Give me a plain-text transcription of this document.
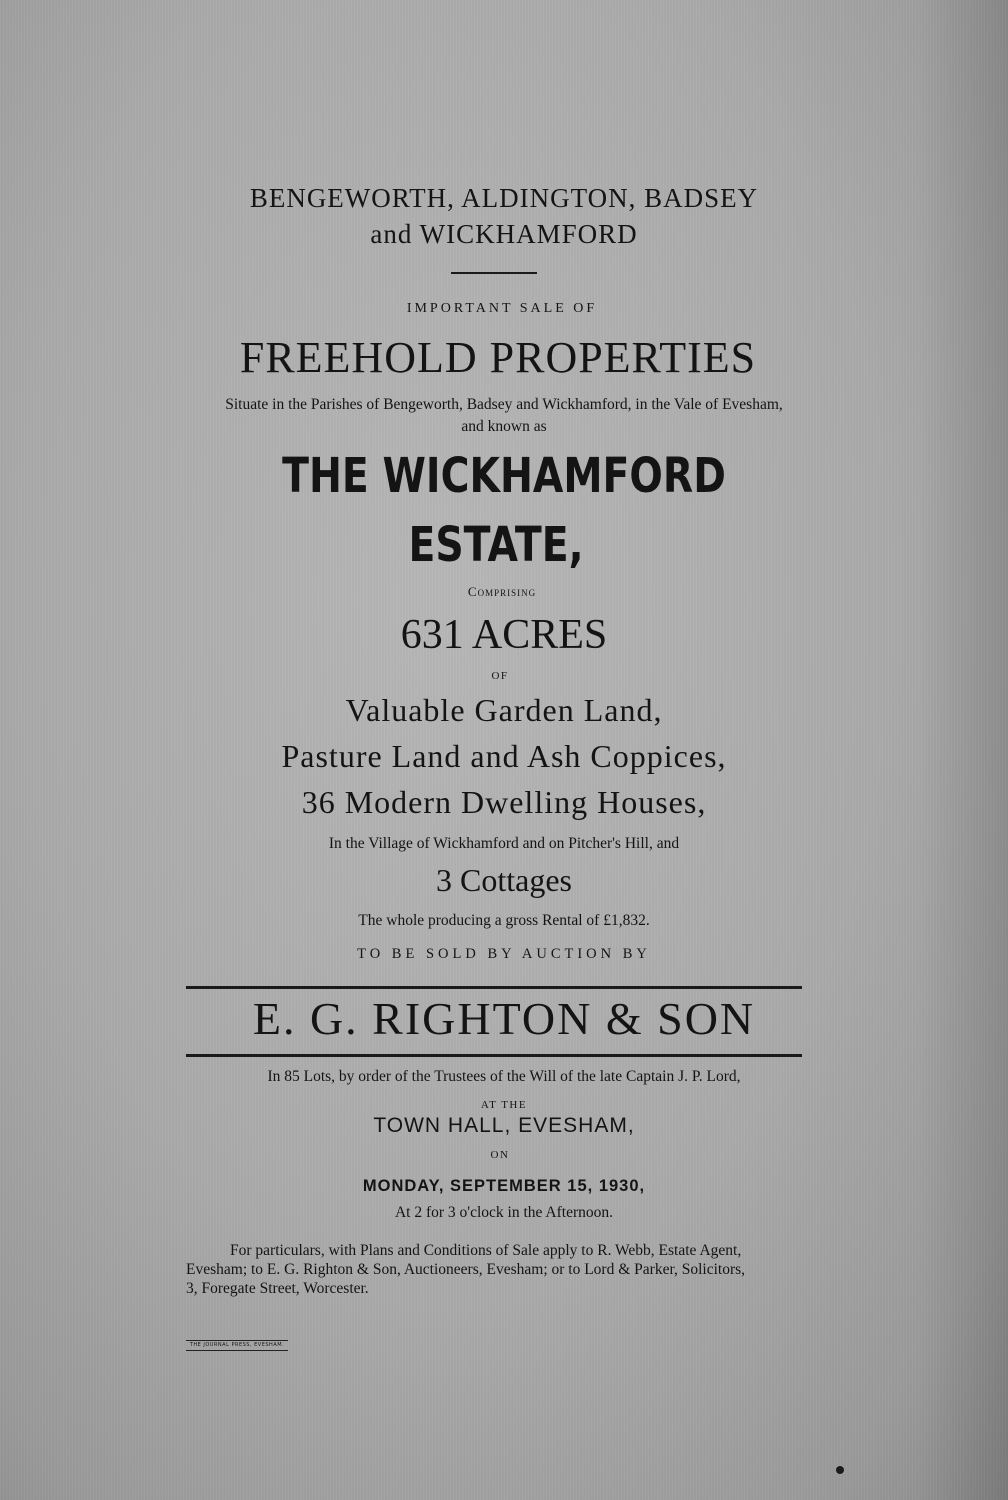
BENGEWORTH, ALDINGTON, BADSEY
and WICKHAMFORD
IMPORTANT SALE OF
FREEHOLD PROPERTIES
Situate in the Parishes of Bengeworth, Badsey and Wickhamford, in the Vale of Evesham,
and known as
THE WICKHAMFORD
ESTATE,
Comprising
631 ACRES
OF
Valuable Garden Land,
Pasture Land and Ash Coppices,
36 Modern Dwelling Houses,
In the Village of Wickhamford and on Pitcher's Hill, and
3 Cottages
The whole producing a gross Rental of £1,832.
TO BE SOLD BY AUCTION BY
E. G. RIGHTON & SON
In 85 Lots, by order of the Trustees of the Will of the late Captain J. P. Lord,
AT THE
TOWN HALL, EVESHAM,
ON
MONDAY, SEPTEMBER 15, 1930,
At 2 for 3 o'clock in the Afternoon.
For particulars, with Plans and Conditions of Sale apply to R. Webb, Estate Agent,
Evesham; to E. G. Righton & Son, Auctioneers, Evesham; or to Lord & Parker, Solicitors,
3, Foregate Street, Worcester.
THE JOURNAL PRESS, EVESHAM.
